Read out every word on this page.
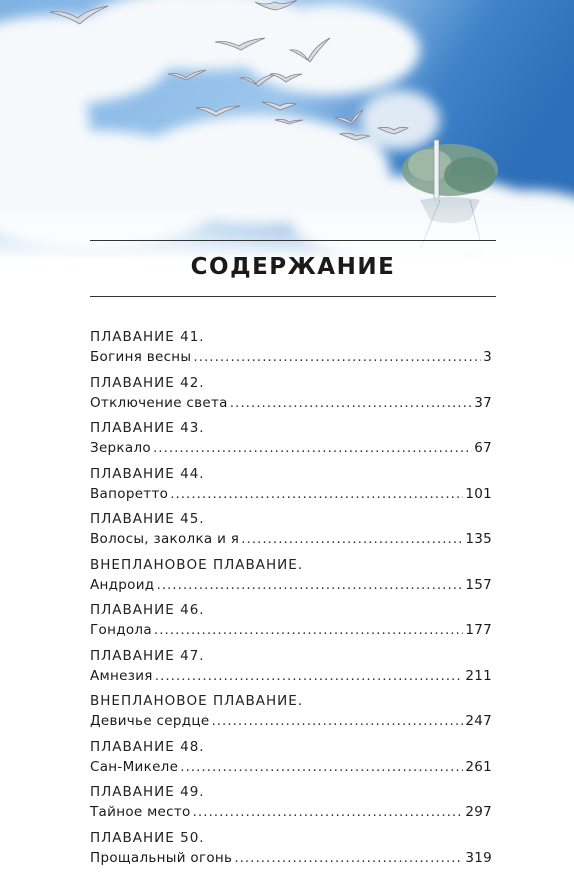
СОДЕРЖАНИЕ
ПЛАВАНИЕ 41.
Богиня весны .....	3
ПЛАВАНИЕ 42.
Отключение света .....	37
ПЛАВАНИЕ 43.
Зеркало .....	67
ПЛАВАНИЕ 44.
Вапоретто .....	101
ПЛАВАНИЕ 45.
Волосы, заколка и я .....	135
ВНЕПЛАНОВОЕ ПЛАВАНИЕ.
Андроид .....	157
ПЛАВАНИЕ 46.
Гондола .....	177
ПЛАВАНИЕ 47.
Амнезия .....	211
ВНЕПЛАНОВОЕ ПЛАВАНИЕ.
Девичье сердце .....	247
ПЛАВАНИЕ 48.
Сан-Микеле .....	261
ПЛАВАНИЕ 49.
Тайное место .....	297
ПЛАВАНИЕ 50.
Прощальный огонь .....	319
